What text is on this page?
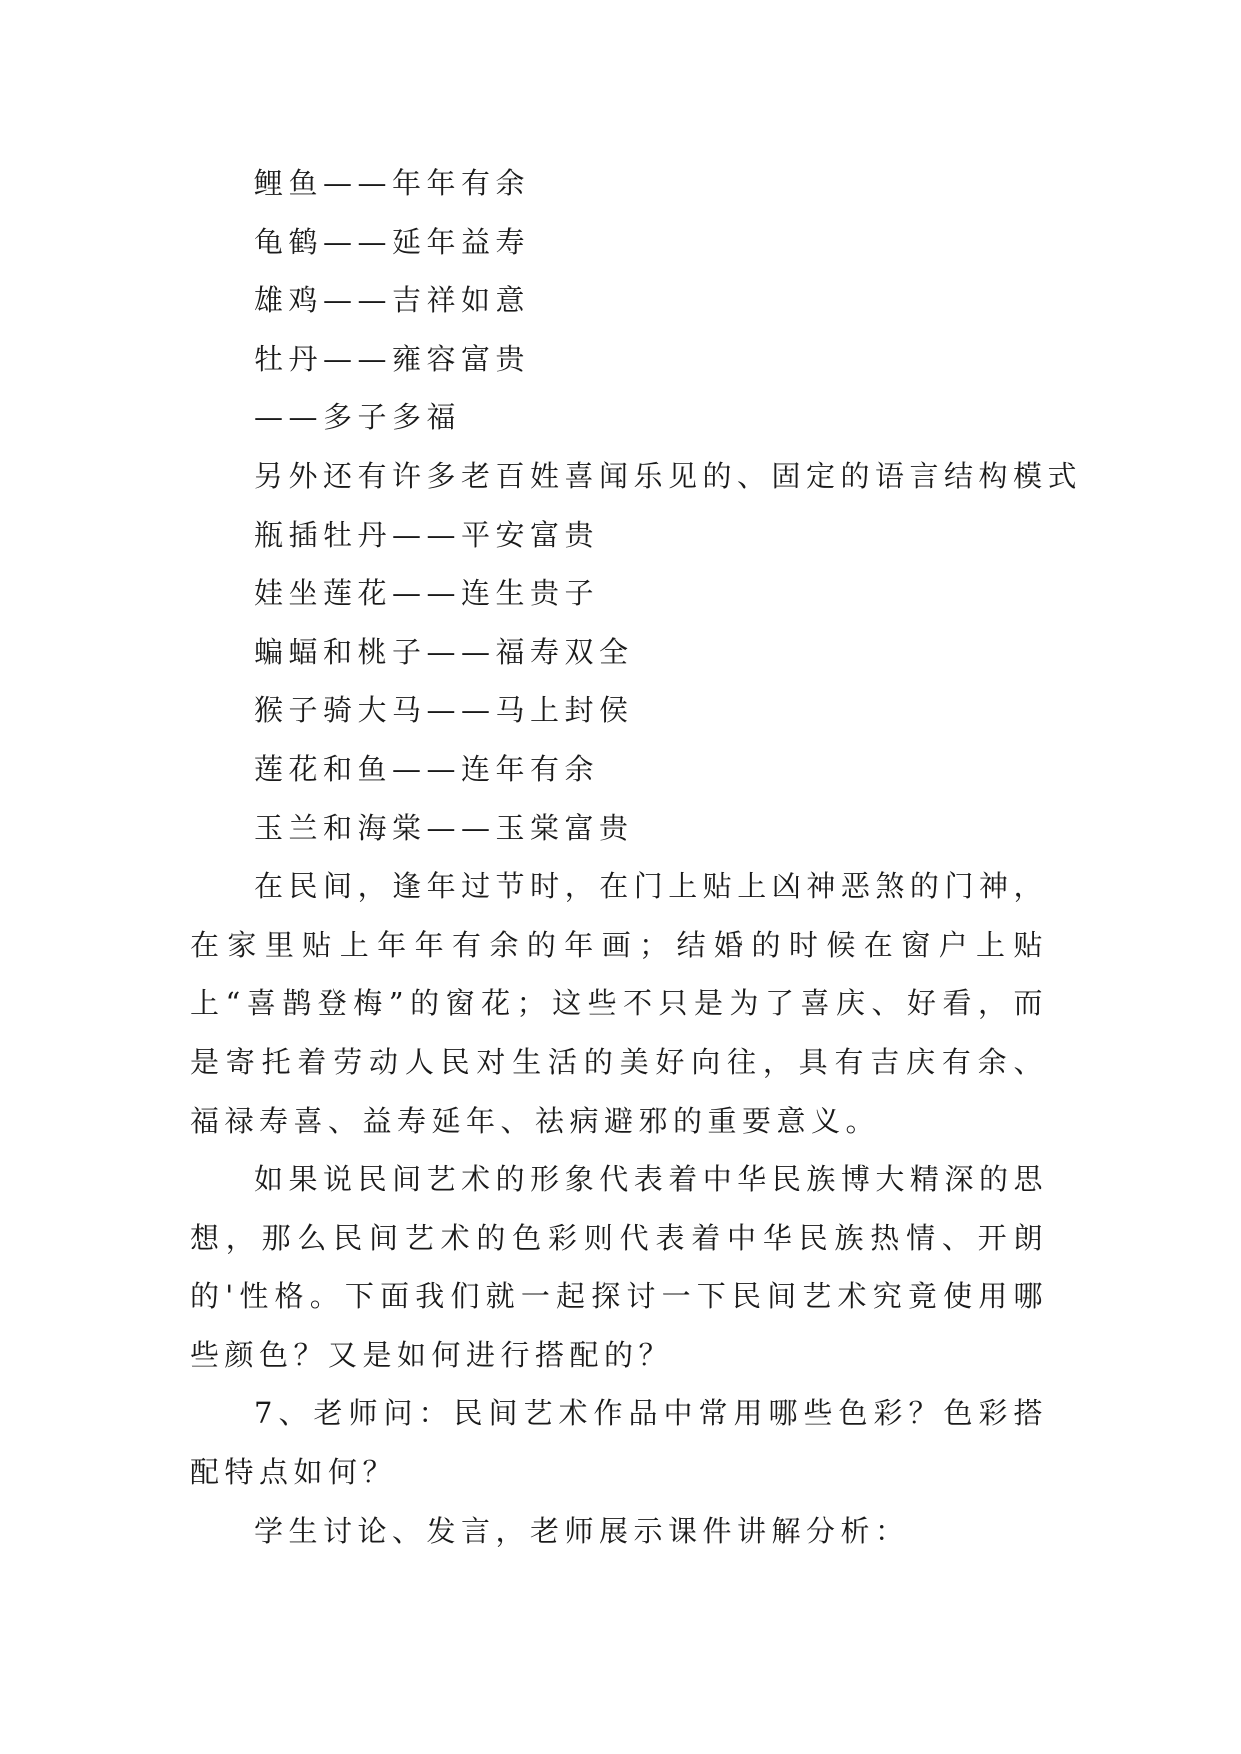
鲤鱼——年年有余

龟鹤——延年益寿

雄鸡——吉祥如意

牡丹——雍容富贵

——多子多福

另外还有许多老百姓喜闻乐见的、固定的语言结构模式

瓶插牡丹——平安富贵

娃坐莲花——连生贵子

蝙蝠和桃子——福寿双全

猴子骑大马——马上封侯

莲花和鱼——连年有余

玉兰和海棠——玉棠富贵

在民间，逢年过节时，在门上贴上凶神恶煞的门神，在家里贴上年年有余的年画；结婚的时候在窗户上贴上“喜鹊登梅”的窗花；这些不只是为了喜庆、好看，而是寄托着劳动人民对生活的美好向往，具有吉庆有余、福禄寿喜、益寿延年、祛病避邪的重要意义。

如果说民间艺术的形象代表着中华民族博大精深的思想，那么民间艺术的色彩则代表着中华民族热情、开朗的'性格。下面我们就一起探讨一下民间艺术究竟使用哪些颜色？又是如何进行搭配的？

7、老师问：民间艺术作品中常用哪些色彩？色彩搭配特点如何？

学生讨论、发言，老师展示课件讲解分析：
